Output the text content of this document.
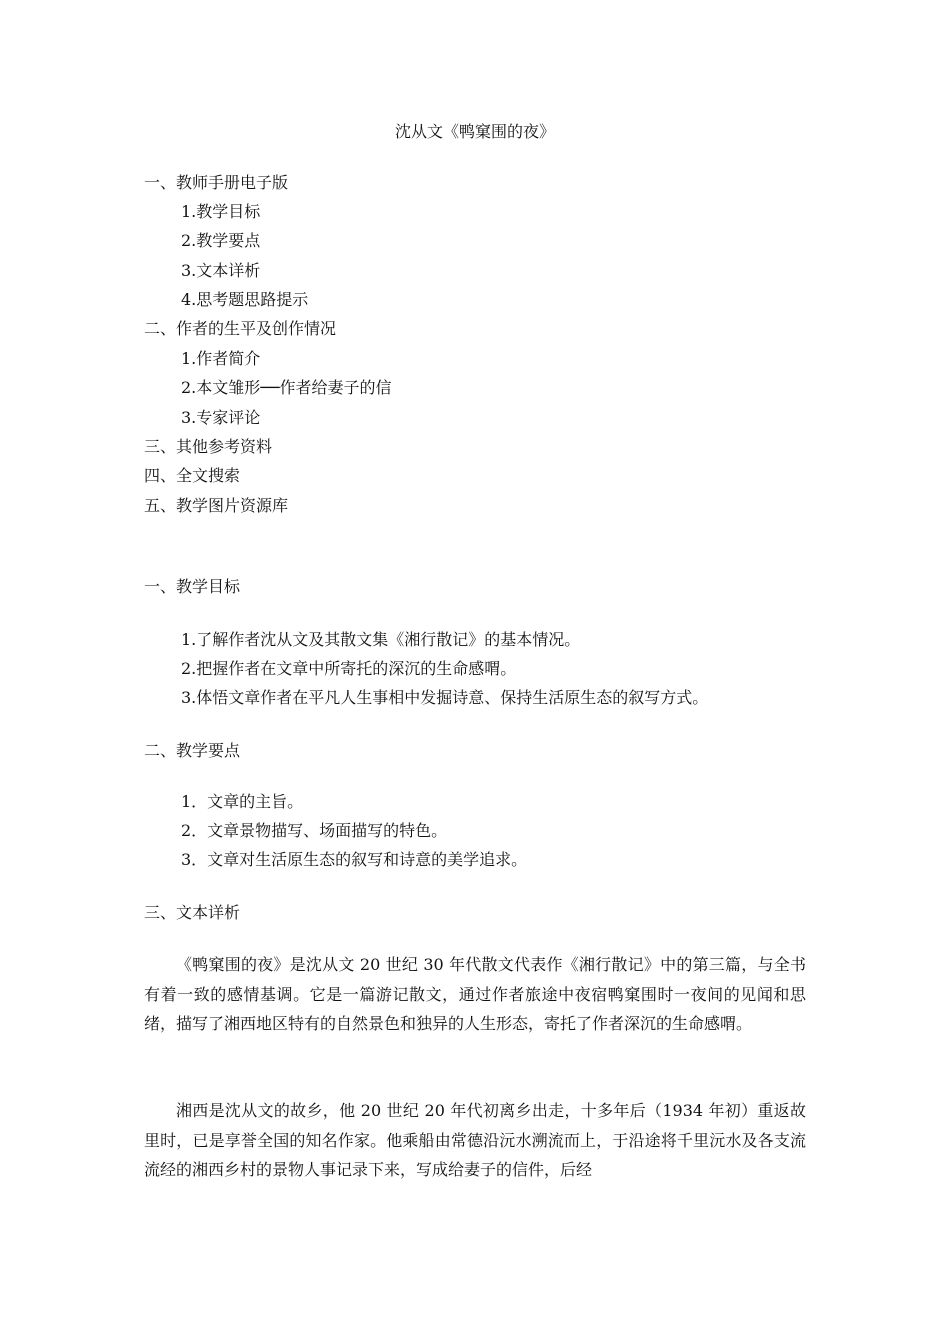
沈从文《鸭窠围的夜》

一、教师手册电子版

1.教学目标

2.教学要点

3.文本详析

4.思考题思路提示

二、作者的生平及创作情况

1.作者简介

2.本文雏形──作者给妻子的信

3.专家评论

三、其他参考资料

四、全文搜索

五、教学图片资源库

一、教学目标

1.了解作者沈从文及其散文集《湘行散记》的基本情况。

2.把握作者在文章中所寄托的深沉的生命感喟。

3.体悟文章作者在平凡人生事相中发掘诗意、保持生活原生态的叙写方式。

二、教学要点

1．文章的主旨。

2．文章景物描写、场面描写的特色。

3．文章对生活原生态的叙写和诗意的美学追求。

三、文本详析

《鸭窠围的夜》是沈从文 20 世纪 30 年代散文代表作《湘行散记》中的第三篇，与全书有着一致的感情基调。它是一篇游记散文，通过作者旅途中夜宿鸭窠围时一夜间的见闻和思绪，描写了湘西地区特有的自然景色和独异的人生形态，寄托了作者深沉的生命感喟。

湘西是沈从文的故乡，他 20 世纪 20 年代初离乡出走，十多年后（1934 年初）重返故里时，已是享誉全国的知名作家。他乘船由常德沿沅水溯流而上，于沿途将千里沅水及各支流流经的湘西乡村的景物人事记录下来，写成给妻子的信件，后经
